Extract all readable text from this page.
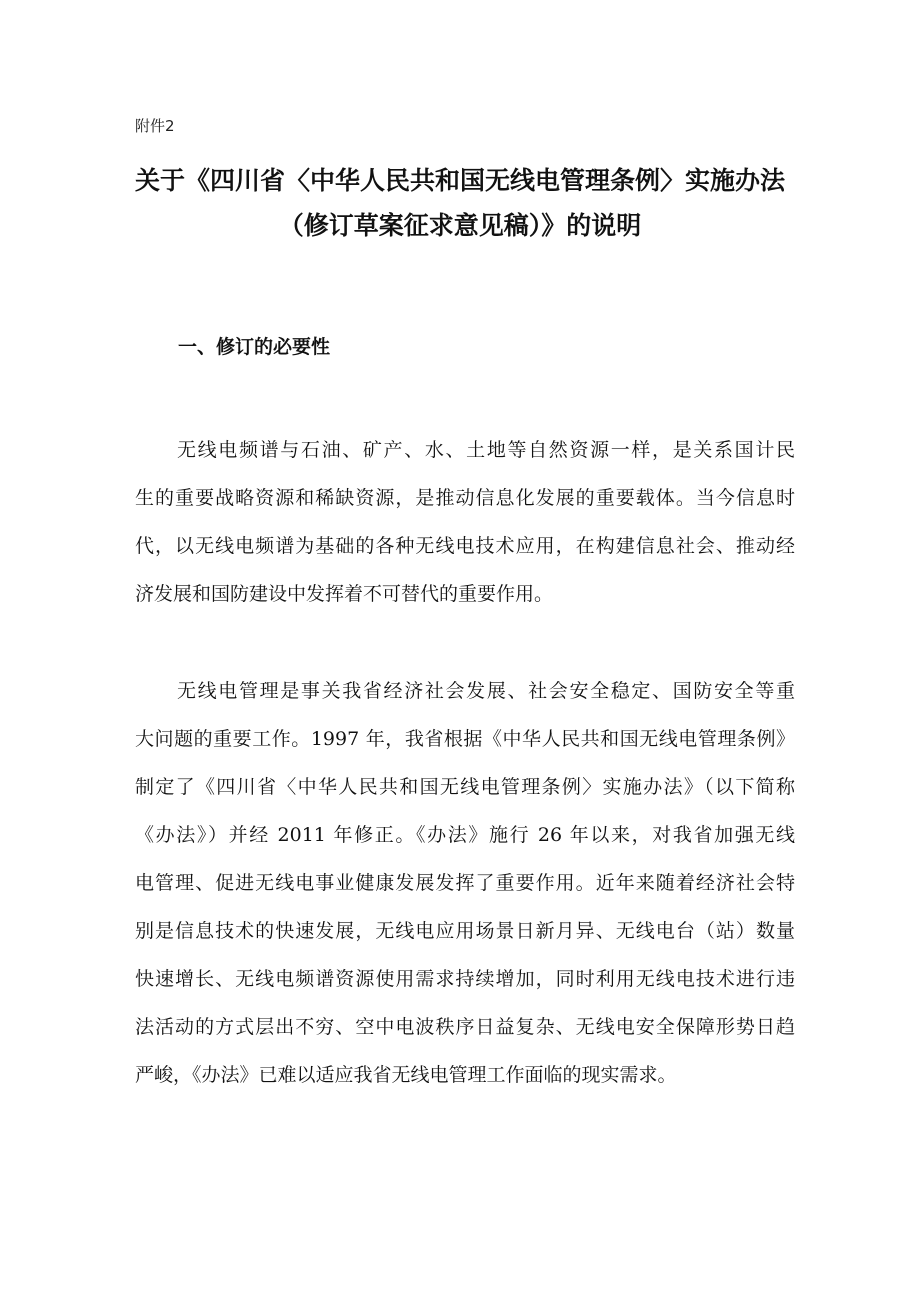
附件2

关于《四川省〈中华人民共和国无线电管理条例〉实施办法
（修订草案征求意见稿）》的说明
一、修订的必要性
无线电频谱与石油、矿产、水、土地等自然资源一样，是关系国计民
生的重要战略资源和稀缺资源，是推动信息化发展的重要载体。当今信息时
代，以无线电频谱为基础的各种无线电技术应用，在构建信息社会、推动经
济发展和国防建设中发挥着不可替代的重要作用。
无线电管理是事关我省经济社会发展、社会安全稳定、国防安全等重
大问题的重要工作。1997 年，我省根据《中华人民共和国无线电管理条例》
制定了《四川省〈中华人民共和国无线电管理条例〉实施办法》（以下简称
《办法》）并经 2011 年修正。《办法》施行 26 年以来，对我省加强无线
电管理、促进无线电事业健康发展发挥了重要作用。近年来随着经济社会特
别是信息技术的快速发展，无线电应用场景日新月异、无线电台（站）数量
快速增长、无线电频谱资源使用需求持续增加，同时利用无线电技术进行违
法活动的方式层出不穷、空中电波秩序日益复杂、无线电安全保障形势日趋
严峻，《办法》已难以适应我省无线电管理工作面临的现实需求。
